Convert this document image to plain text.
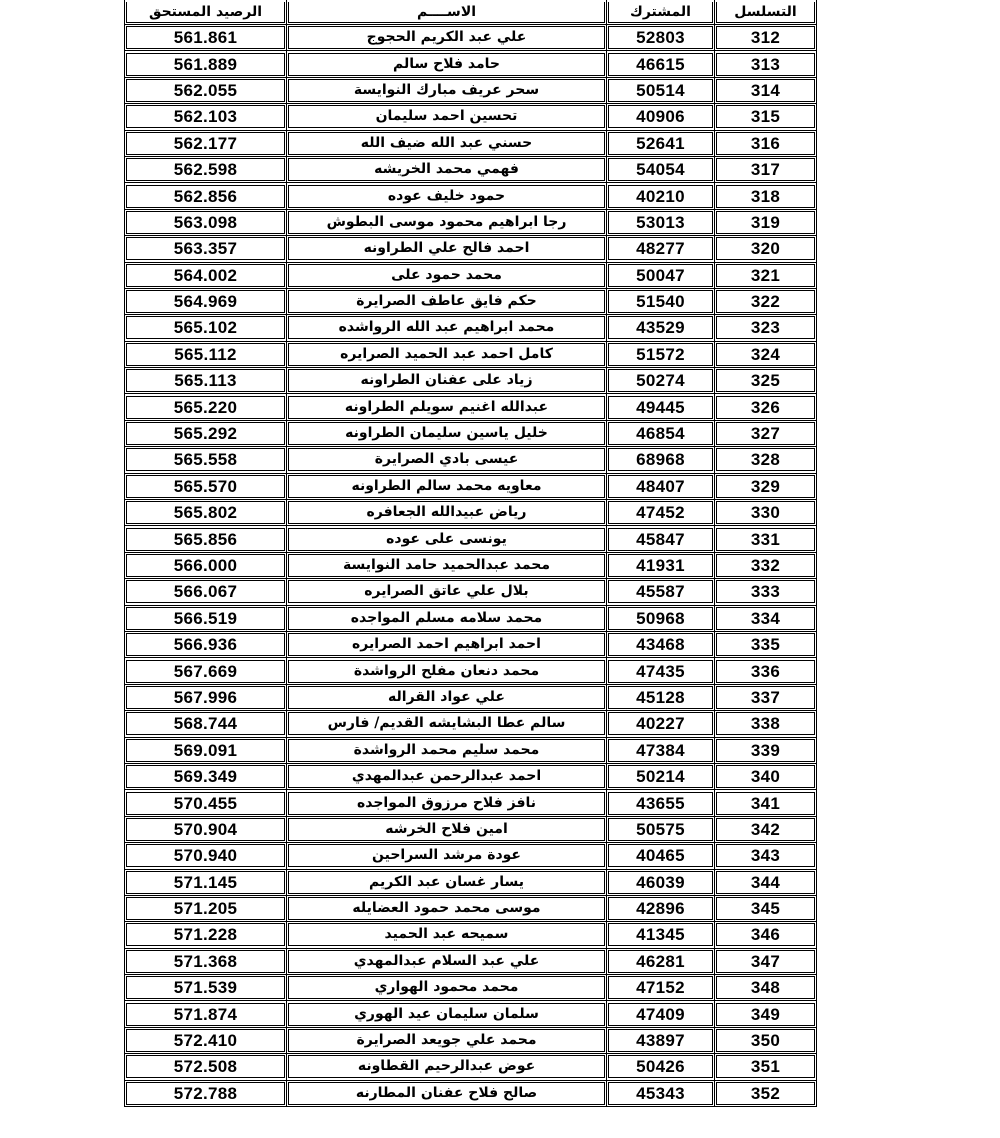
الرصيد المستحق	الاســــم	المشترك	التسلسل

561.861	علي عبد الكريم الحجوج	52803	312

561.889	حامد فلاح سالم	46615	313

562.055	سحر عريف مبارك النوايسة	50514	314

562.103	تحسين احمد سليمان	40906	315

562.177	حسني عبد الله ضيف الله	52641	316

562.598	فهمي محمد الخريشه	54054	317

562.856	حمود خليف عوده	40210	318

563.098	رجا ابراهيم محمود موسى البطوش	53013	319

563.357	احمد فالح علي الطراونه	48277	320

564.002	محمد حمود على	50047	321

564.969	حكم فايق عاطف الصرايرة	51540	322

565.102	محمد ابراهيم عبد الله الرواشده	43529	323

565.112	كامل احمد عبد الحميد الصرايره	51572	324

565.113	زياد على عفنان الطراونه	50274	325

565.220	عبدالله اغنيم سويلم الطراونه	49445	326

565.292	خليل ياسين سليمان الطراونه	46854	327

565.558	عيسى بادي الصرايرة	68968	328

565.570	معاويه محمد سالم الطراونه	48407	329

565.802	رياض عبيدالله الجعافره	47452	330

565.856	يونسى على عوده	45847	331

566.000	محمد عبدالحميد حامد النوايسة	41931	332

566.067	بلال علي عاتق الصرايره	45587	333

566.519	محمد سلامه مسلم المواجده	50968	334

566.936	احمد ابراهيم احمد الصرايره	43468	335

567.669	محمد دنعان مفلح الرواشدة	47435	336

567.996	علي عواد القراله	45128	337

568.744	سالم عطا البشايشه القديم/ فارس	40227	338

569.091	محمد سليم محمد الرواشدة	47384	339

569.349	احمد عبدالرحمن عبدالمهدي	50214	340

570.455	نافز فلاح مرزوق المواجده	43655	341

570.904	امين فلاح الخرشه	50575	342

570.940	عودة مرشد السراحين	40465	343

571.145	يسار غسان عبد الكريم	46039	344

571.205	موسى محمد حمود العضايله	42896	345

571.228	سميحه عبد الحميد	41345	346

571.368	علي عبد السلام عبدالمهدي	46281	347

571.539	محمد محمود الهواري	47152	348

571.874	سلمان سليمان عيد الهوري	47409	349

572.410	محمد علي جويعد الصرايرة	43897	350

572.508	عوض عبدالرحيم القطاونه	50426	351

572.788	صالح فلاح عفنان المطارنه	45343	352
